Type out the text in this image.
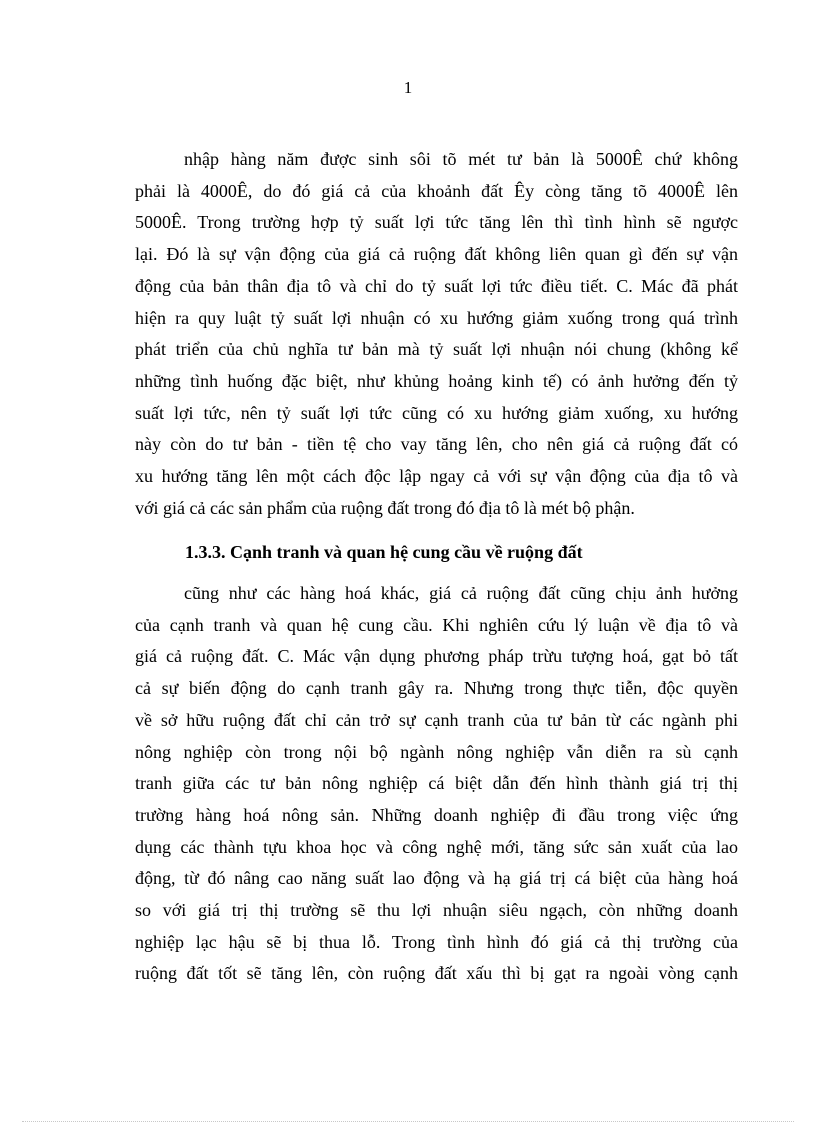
1
nhập hàng năm được sinh sôi tõ mét tư bản là 5000Ê chứ không
phải là 4000Ê, do đó giá cả của khoảnh đất Êy còng tăng tõ 4000Ê lên
5000Ê. Trong trường hợp tỷ suất lợi tức tăng lên thì tình hình sẽ ngược
lại. Đó là sự vận động của giá cả ruộng đất không liên quan gì đến sự vận
động của bản thân địa tô và chỉ do tỷ suất lợi tức điều tiết. C. Mác đã phát
hiện ra quy luật tỷ suất lợi nhuận có xu hướng giảm xuống trong quá trình
phát triển của chủ nghĩa tư bản mà tỷ suất lợi nhuận nói chung (không kể
những tình huống đặc biệt, như khủng hoảng kinh tế) có ảnh hưởng đến tỷ
suất lợi tức, nên tỷ suất lợi tức cũng có xu hướng giảm xuống, xu hướng
này còn do tư bản - tiền tệ cho vay tăng lên, cho nên giá cả ruộng đất có
xu hướng tăng lên một cách độc lập ngay cả với sự vận động của địa tô và
với giá cả các sản phẩm của ruộng đất trong đó địa tô là mét bộ phận.
1.3.3. Cạnh tranh và quan hệ cung cầu về ruộng đất
cũng như các hàng hoá khác, giá cả ruộng đất cũng chịu ảnh hưởng
của cạnh tranh và quan hệ cung cầu. Khi nghiên cứu lý luận về địa tô và
giá cả ruộng đất. C. Mác vận dụng phương pháp trừu tượng hoá, gạt bỏ tất
cả sự biến động do cạnh tranh gây ra. Nhưng trong thực tiễn, độc quyền
về sở hữu ruộng đất chỉ cản trở sự cạnh tranh của tư bản từ các ngành phi
nông nghiệp còn trong nội bộ ngành nông nghiệp vẫn diễn ra sù cạnh
tranh giữa các tư bản nông nghiệp cá biệt dẫn đến hình thành giá trị thị
trường hàng hoá nông sản. Những doanh nghiệp đi đầu trong việc ứng
dụng các thành tựu khoa học và công nghệ mới, tăng sức sản xuất của lao
động, từ đó nâng cao năng suất lao động và hạ giá trị cá biệt của hàng hoá
so với giá trị thị trường sẽ thu lợi nhuận siêu ngạch, còn những doanh
nghiệp lạc hậu sẽ bị thua lỗ. Trong tình hình đó giá cả thị trường của
ruộng đất tốt sẽ tăng lên, còn ruộng đất xấu thì bị gạt ra ngoài vòng cạnh
